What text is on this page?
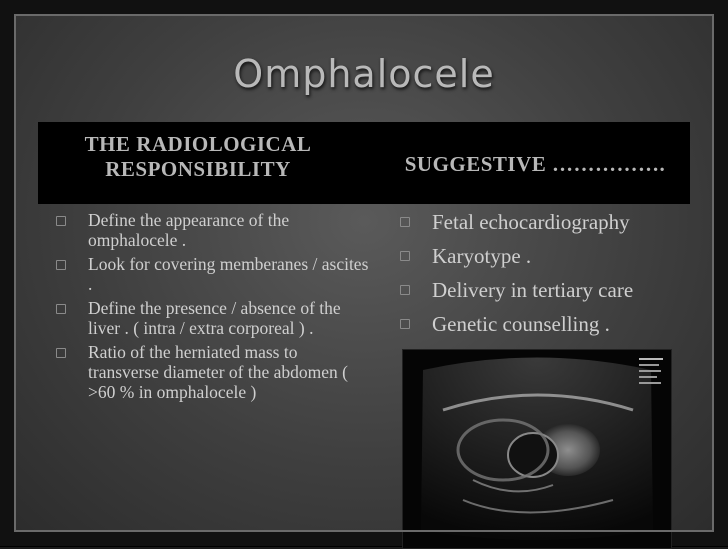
Omphalocele
THE RADIOLOGICAL
RESPONSIBILITY	SUGGESTIVE …………….
Define the appearance of the omphalocele .
Look for covering memberanes / ascites .
Define the presence / absence of the liver . ( intra / extra corporeal ) .
Ratio of the herniated mass to transverse diameter of the abdomen ( >60 % in omphalocele )
Fetal echocardiography
Karyotype .
Delivery in tertiary care
Genetic counselling .
